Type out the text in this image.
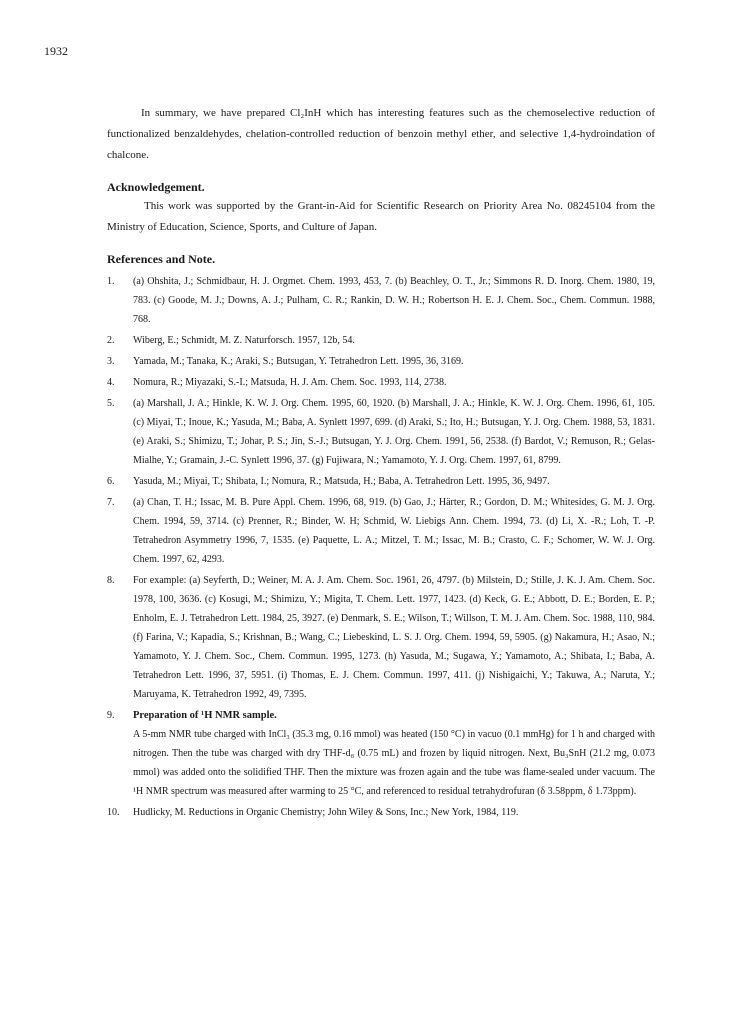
1932

In summary, we have prepared Cl₂InH which has interesting features such as the chemoselective reduction of functionalized benzaldehydes, chelation-controlled reduction of benzoin methyl ether, and selective 1,4-hydroindation of chalcone.

Acknowledgement.

This work was supported by the Grant-in-Aid for Scientific Research on Priority Area No. 08245104 from the Ministry of Education, Science, Sports, and Culture of Japan.

References and Note.
1. (a) Ohshita, J.; Schmidbaur, H. J. Orgmet. Chem. 1993, 453, 7. (b) Beachley, O. T., Jr.; Simmons R. D. Inorg. Chem. 1980, 19, 783. (c) Goode, M. J.; Downs, A. J.; Pulham, C. R.; Rankin, D. W. H.; Robertson H. E. J. Chem. Soc., Chem. Commun. 1988, 768.
2. Wiberg, E.; Schmidt, M. Z. Naturforsch. 1957, 12b, 54.
3. Yamada, M.; Tanaka, K.; Araki, S.; Butsugan, Y. Tetrahedron Lett. 1995, 36, 3169.
4. Nomura, R.; Miyazaki, S.-I.; Matsuda, H. J. Am. Chem. Soc. 1993, 114, 2738.
5. (a) Marshall, J. A.; Hinkle, K. W. J. Org. Chem. 1995, 60, 1920. (b) Marshall, J. A.; Hinkle, K. W. J. Org. Chem. 1996, 61, 105. (c) Miyai, T.; Inoue, K.; Yasuda, M.; Baba, A. Synlett 1997, 699. (d) Araki, S.; Ito, H.; Butsugan, Y. J. Org. Chem. 1988, 53, 1831. (e) Araki, S.; Shimizu, T.; Johar, P. S.; Jin, S.-J.; Butsugan, Y. J. Org. Chem. 1991, 56, 2538. (f) Bardot, V.; Remuson, R.; Gelas-Mialhe, Y.; Gramain, J.-C. Synlett 1996, 37. (g) Fujiwara, N.; Yamamoto, Y. J. Org. Chem. 1997, 61, 8799.
6. Yasuda, M.; Miyai, T.; Shibata, I.; Nomura, R.; Matsuda, H.; Baba, A. Tetrahedron Lett. 1995, 36, 9497.
7. (a) Chan, T. H.; Issac, M. B. Pure Appl. Chem. 1996, 68, 919. (b) Gao, J.; Härter, R.; Gordon, D. M.; Whitesides, G. M. J. Org. Chem. 1994, 59, 3714. (c) Prenner, R.; Binder, W. H; Schmid, W. Liebigs Ann. Chem. 1994, 73. (d) Li, X. -R.; Loh, T. -P. Tetrahedron Asymmetry 1996, 7, 1535. (e) Paquette, L. A.; Mitzel, T. M.; Issac, M. B.; Crasto, C. F.; Schomer, W. W. J. Org. Chem. 1997, 62, 4293.
8. For example: (a) Seyferth, D.; Weiner, M. A. J. Am. Chem. Soc. 1961, 26, 4797. (b) Milstein, D.; Stille, J. K. J. Am. Chem. Soc. 1978, 100, 3636. (c) Kosugi, M.; Shimizu, Y.; Migita, T. Chem. Lett. 1977, 1423. (d) Keck, G. E.; Abbott, D. E.; Borden, E. P.; Enholm, E. J. Tetrahedron Lett. 1984, 25, 3927. (e) Denmark, S. E.; Wilson, T.; Willson, T. M. J. Am. Chem. Soc. 1988, 110, 984. (f) Farina, V.; Kapadia, S.; Krishnan, B.; Wang, C.; Liebeskind, L. S. J. Org. Chem. 1994, 59, 5905. (g) Nakamura, H.; Asao, N.; Yamamoto, Y. J. Chem. Soc., Chem. Commun. 1995, 1273. (h) Yasuda, M.; Sugawa, Y.; Yamamoto, A.; Shibata, I.; Baba, A. Tetrahedron Lett. 1996, 37, 5951. (i) Thomas, E. J. Chem. Commun. 1997, 411. (j) Nishigaichi, Y.; Takuwa, A.; Naruta, Y.; Maruyama, K. Tetrahedron 1992, 49, 7395.
9. Preparation of ¹H NMR sample.
A 5-mm NMR tube charged with InCl₃ (35.3 mg, 0.16 mmol) was heated (150 °C) in vacuo (0.1 mmHg) for 1 h and charged with nitrogen. Then the tube was charged with dry THF-d₈ (0.75 mL) and frozen by liquid nitrogen. Next, Bu₃SnH (21.2 mg, 0.073 mmol) was added onto the solidified THF. Then the mixture was frozen again and the tube was flame-sealed under vacuum. The ¹H NMR spectrum was measured after warming to 25 °C, and referenced to residual tetrahydrofuran (δ 3.58ppm, δ 1.73ppm).
10. Hudlicky, M. Reductions in Organic Chemistry; John Wiley & Sons, Inc.; New York, 1984, 119.
